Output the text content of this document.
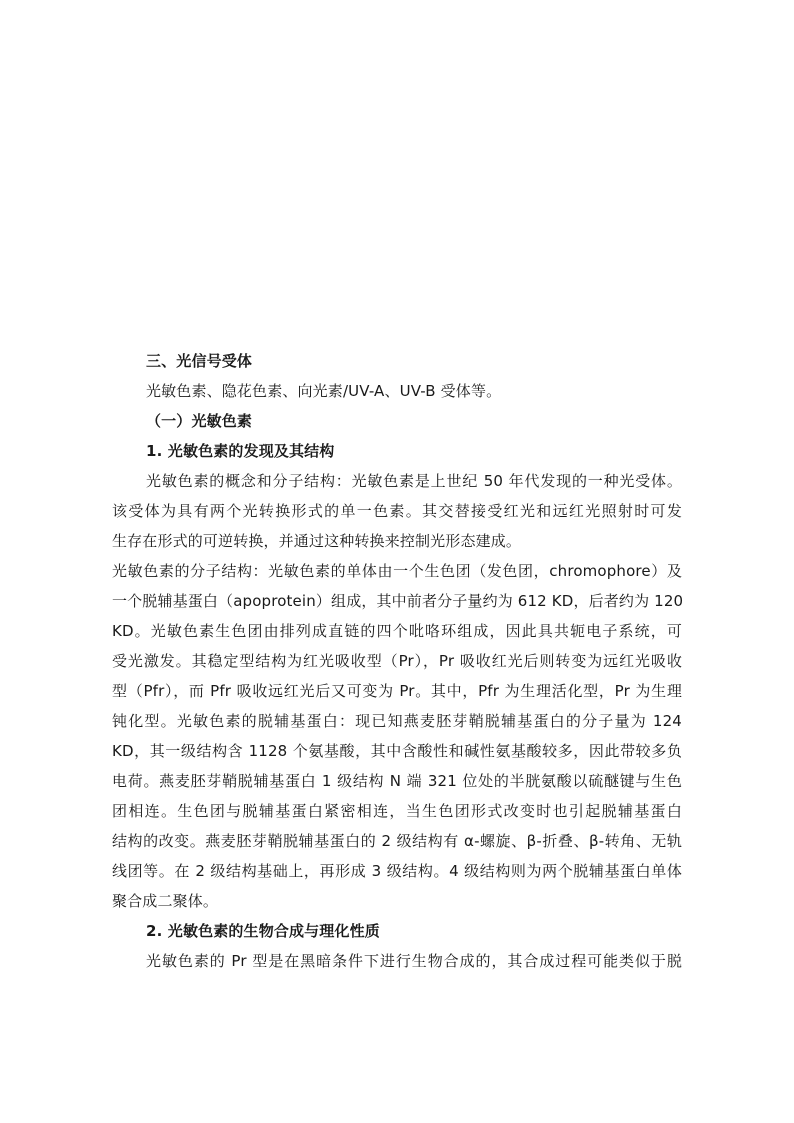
三、光信号受体

光敏色素、隐花色素、向光素/UV-A、UV-B 受体等。

（一）光敏色素

1. 光敏色素的发现及其结构

光敏色素的概念和分子结构：光敏色素是上世纪 50 年代发现的一种光受体。

该受体为具有两个光转换形式的单一色素。其交替接受红光和远红光照射时可发

生存在形式的可逆转换，并通过这种转换来控制光形态建成。

光敏色素的分子结构：光敏色素的单体由一个生色团（发色团，chromophore）及

一个脱辅基蛋白（apoprotein）组成，其中前者分子量约为 612 KD，后者约为 120

KD。光敏色素生色团由排列成直链的四个吡咯环组成，因此具共轭电子系统，可

受光激发。其稳定型结构为红光吸收型（Pr），Pr 吸收红光后则转变为远红光吸收

型（Pfr），而 Pfr 吸收远红光后又可变为 Pr。其中，Pfr 为生理活化型，Pr 为生理

钝化型。光敏色素的脱辅基蛋白：现已知燕麦胚芽鞘脱辅基蛋白的分子量为 124

KD，其一级结构含 1128 个氨基酸，其中含酸性和碱性氨基酸较多，因此带较多负

电荷。燕麦胚芽鞘脱辅基蛋白 1 级结构 N 端 321 位处的半胱氨酸以硫醚键与生色

团相连。生色团与脱辅基蛋白紧密相连，当生色团形式改变时也引起脱辅基蛋白

结构的改变。燕麦胚芽鞘脱辅基蛋白的 2 级结构有 α-螺旋、β-折叠、β-转角、无轨

线团等。在 2 级结构基础上，再形成 3 级结构。4 级结构则为两个脱辅基蛋白单体

聚合成二聚体。

2. 光敏色素的生物合成与理化性质

光敏色素的 Pr 型是在黑暗条件下进行生物合成的，其合成过程可能类似于脱
